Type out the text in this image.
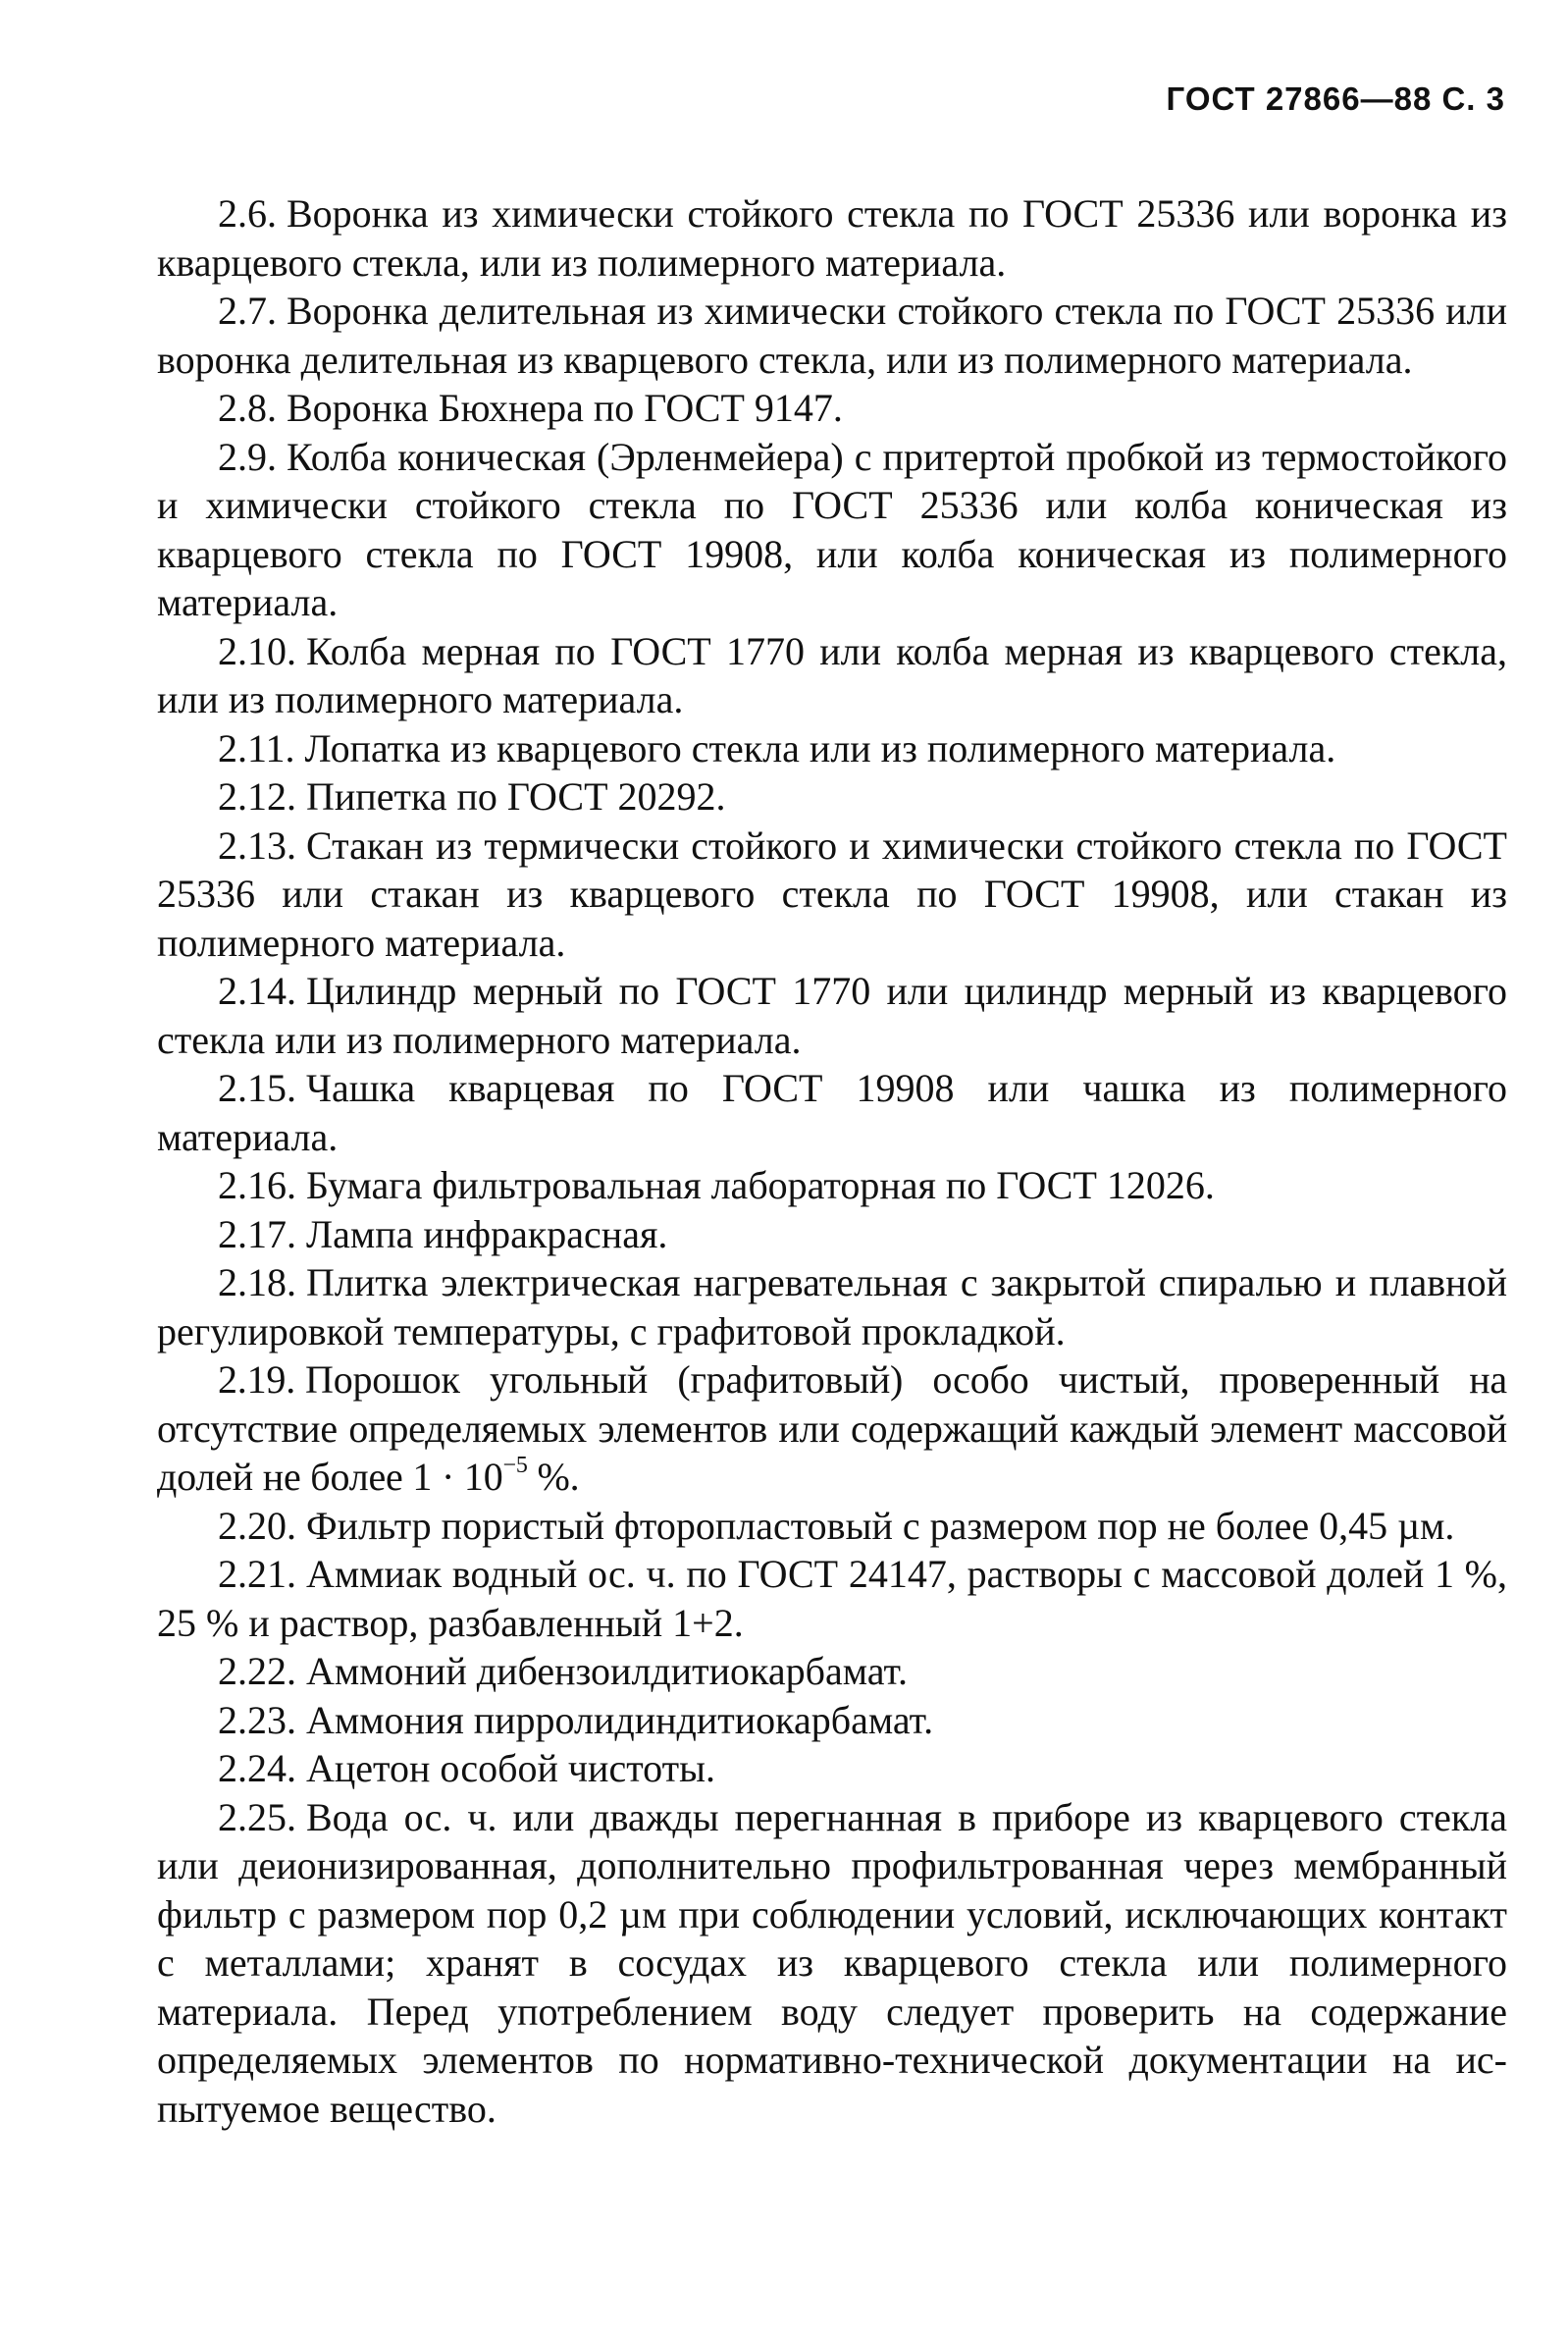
ГОСТ 27866—88 С. 3

2.6. Воронка из химически стойкого стекла по ГОСТ 25336 или воронка из кварцевого стекла, или из полимерного материала.

2.7. Воронка делительная из химически стойкого стекла по ГОСТ 25336 или воронка делительная из кварцевого стекла, или из полимерного материала.

2.8. Воронка Бюхнера по ГОСТ 9147.

2.9. Колба коническая (Эрленмейера) с притертой пробкой из термостойкого и химически стойкого стекла по ГОСТ 25336 или колба коническая из кварцевого стекла по ГОСТ 19908, или колба коническая из полимерного материала.

2.10. Колба мерная по ГОСТ 1770 или колба мерная из кварцевого стекла, или из полимерного материала.

2.11. Лопатка из кварцевого стекла или из полимерного материала.

2.12. Пипетка по ГОСТ 20292.

2.13. Стакан из термически стойкого и химически стойкого стекла по ГОСТ 25336 или стакан из кварцевого стекла по ГОСТ 19908, или стакан из полимерного материала.

2.14. Цилиндр мерный по ГОСТ 1770 или цилиндр мерный из кварцевого стекла или из полимерного материала.

2.15. Чашка кварцевая по ГОСТ 19908 или чашка из полимерного материала.

2.16. Бумага фильтровальная лабораторная по ГОСТ 12026.

2.17. Лампа инфракрасная.

2.18. Плитка электрическая нагревательная с закрытой спиралью и плавной регулировкой температуры, с графитовой прокладкой.

2.19. Порошок угольный (графитовый) особо чистый, проверенный на отсутствие определяемых элементов или содержащий каждый элемент массовой долей не более $1 \cdot 10^{-5}$ %.

2.20. Фильтр пористый фторопластовый с размером пор не более 0,45 µм.

2.21. Аммиак водный ос. ч. по ГОСТ 24147, растворы с массовой долей 1 %, 25 % и раствор, разбавленный 1+2.

2.22. Аммоний дибензоилдитиокарбамат.

2.23. Аммония пирролидиндитиокарбамат.

2.24. Ацетон особой чистоты.

2.25. Вода ос. ч. или дважды перегнанная в приборе из кварцевого стекла или деионизированная, дополнительно профильтрованная через мембранный фильтр с размером пор 0,2 µм при соблюдении условий, исключающих контакт с металлами; хранят в сосудах из кварцевого стекла или полимерного материала. Перед употреблением воду следует проверить на содержание определяемых элементов по нормативно-технической документации на испытуемое вещество.
